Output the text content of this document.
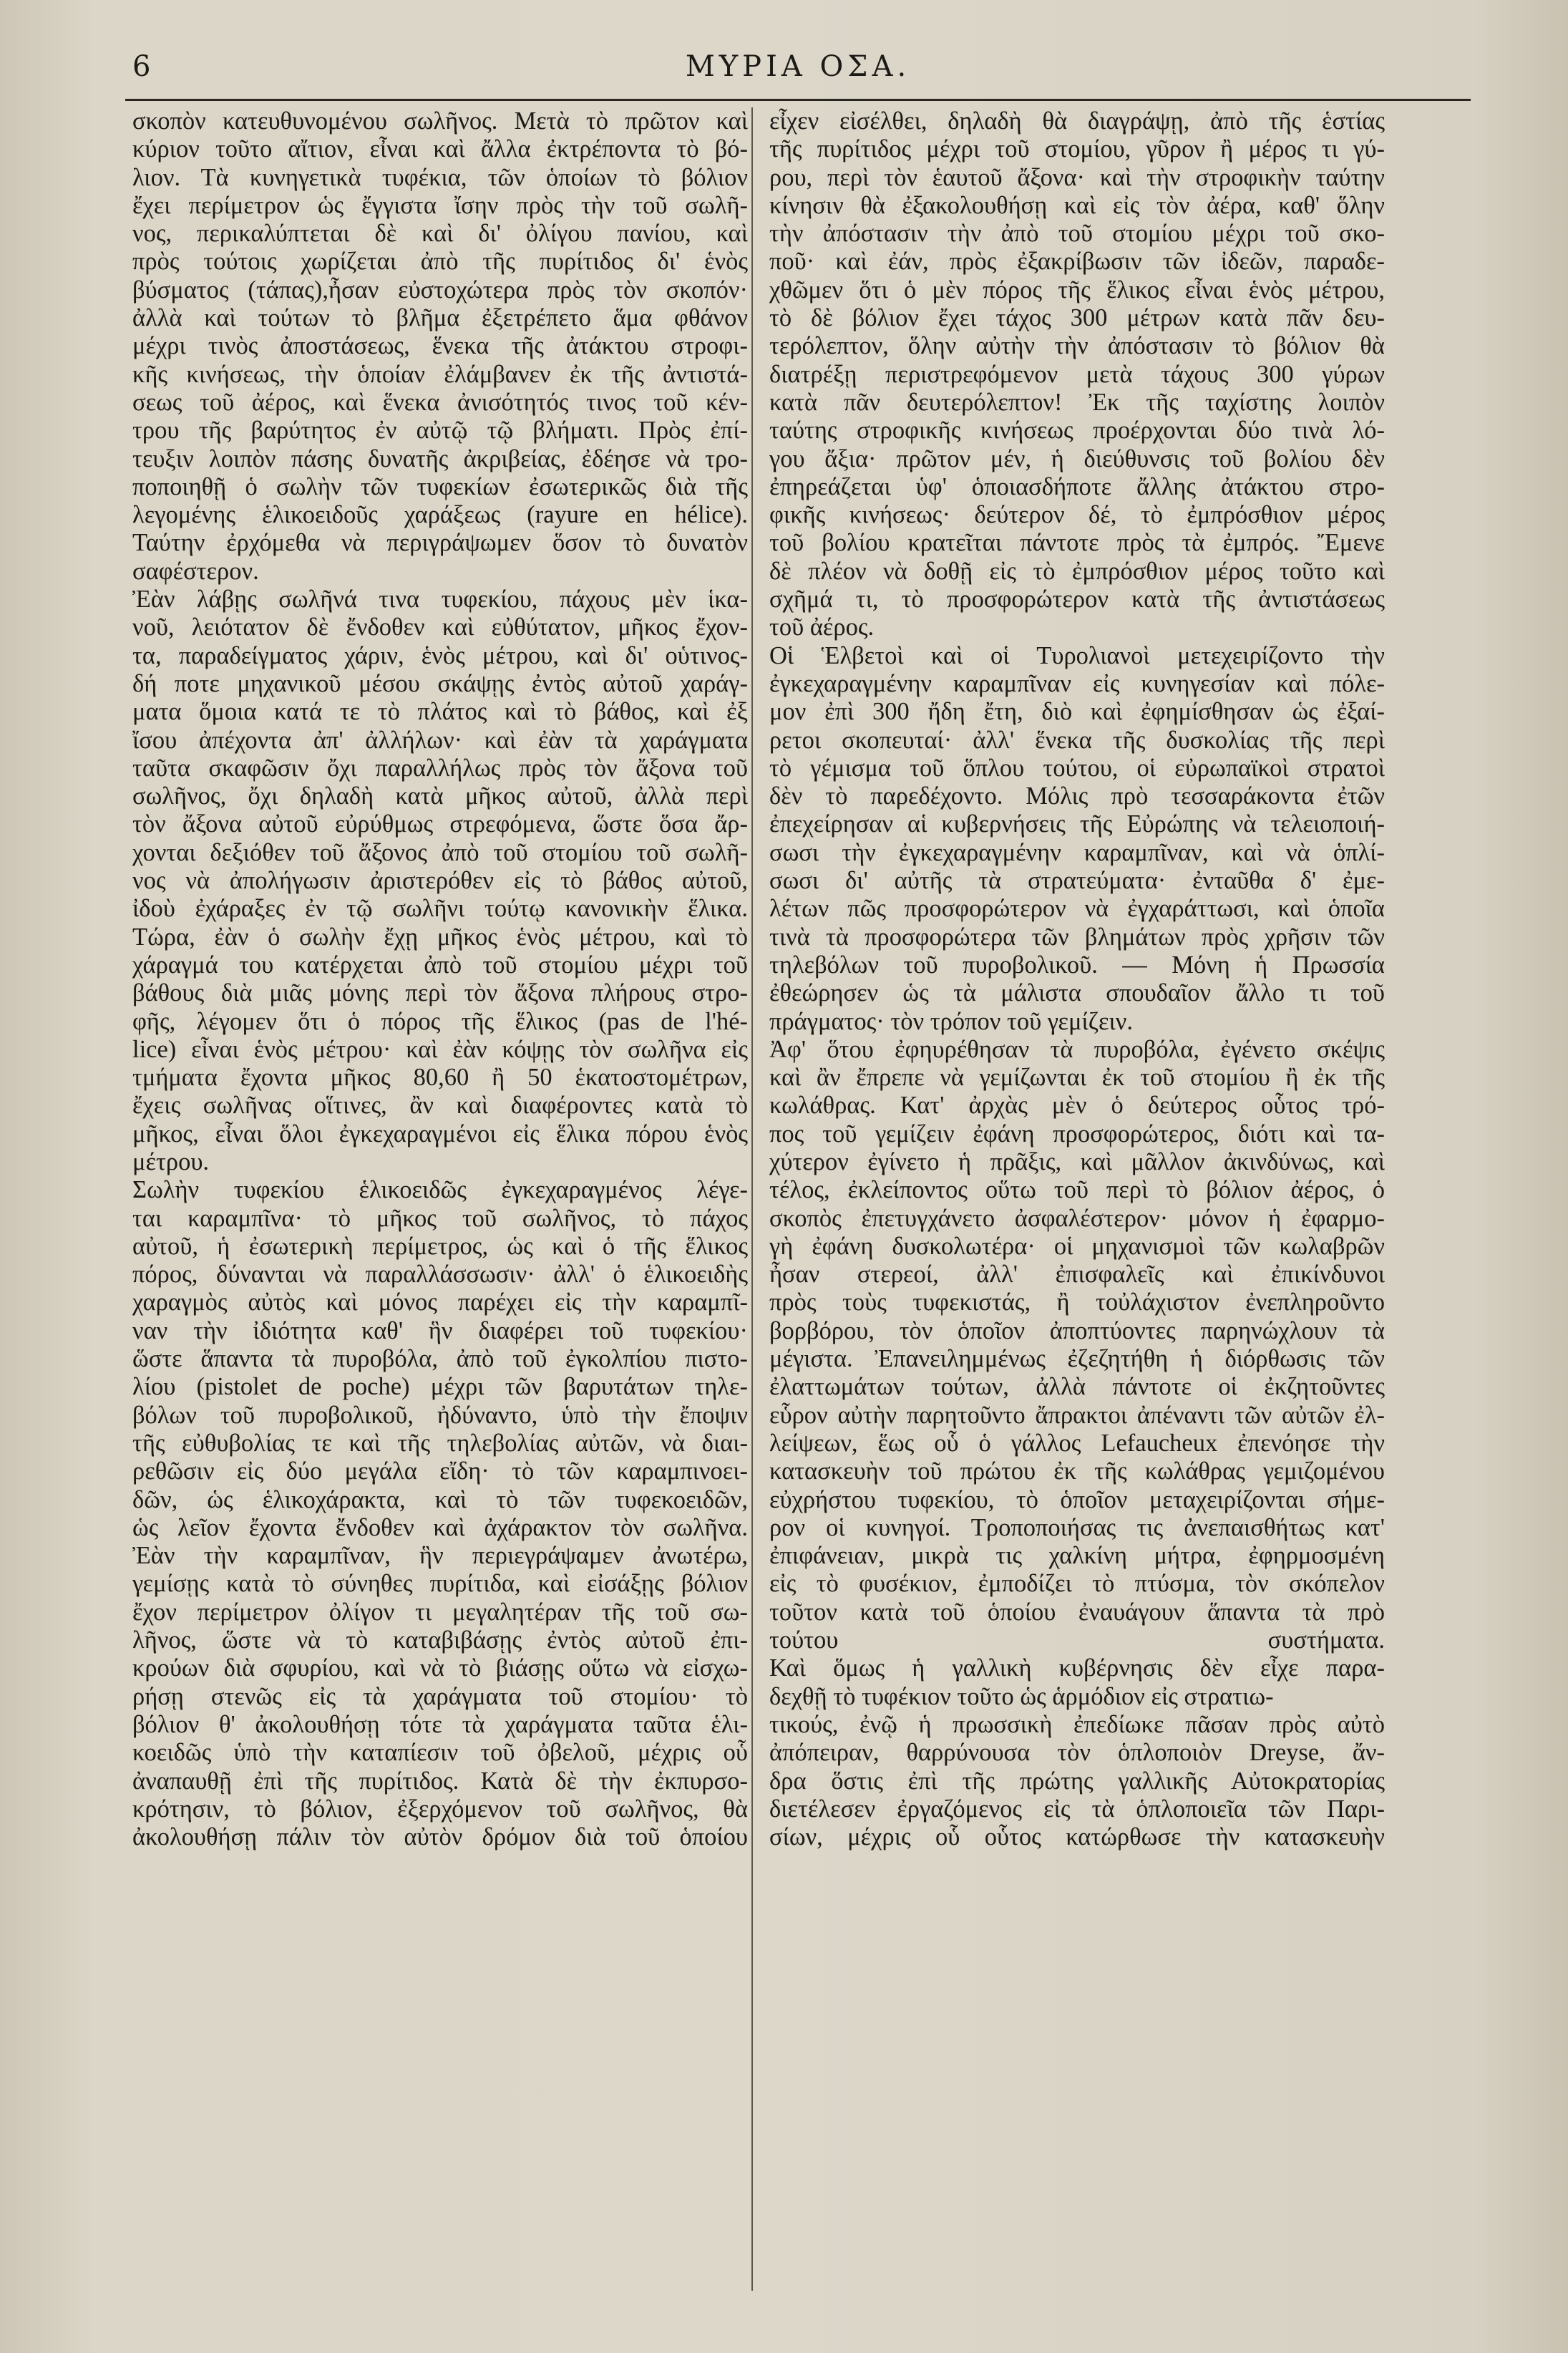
6	ΜΥΡΙΑ ΟΣΑ.
σκοπὸν κατευθυνομένου σωλῆνος. Μετὰ τὸ πρῶτον καὶ
κύριον τοῦτο αἴτιον, εἶναι καὶ ἄλλα ἐκτρέποντα τὸ βό-
λιον. Τὰ κυνηγετικὰ τυφέκια, τῶν ὁποίων τὸ βόλιον
ἔχει περίμετρον ὡς ἔγγιστα ἴσην πρὸς τὴν τοῦ σωλῆ-
νος, περικαλύπτεται δὲ καὶ δι' ὀλίγου πανίου, καὶ
πρὸς τούτοις χωρίζεται ἀπὸ τῆς πυρίτιδος δι' ἑνὸς
βύσματος (τάπας),ἦσαν εὐστοχώτερα πρὸς τὸν σκοπόν·
ἀλλὰ καὶ τούτων τὸ βλῆμα ἐξετρέπετο ἅμα φθάνον
μέχρι τινὸς ἀποστάσεως, ἕνεκα τῆς ἀτάκτου στροφι-
κῆς κινήσεως, τὴν ὁποίαν ἐλάμβανεν ἐκ τῆς ἀντιστά-
σεως τοῦ ἀέρος, καὶ ἕνεκα ἀνισότητός τινος τοῦ κέν-
τρου τῆς βαρύτητος ἐν αὐτῷ τῷ βλήματι. Πρὸς ἐπί-
τευξιν λοιπὸν πάσης δυνατῆς ἀκριβείας, ἐδέησε νὰ τρο-
ποποιηθῇ ὁ σωλὴν τῶν τυφεκίων ἐσωτερικῶς διὰ τῆς
λεγομένης ἑλικοειδοῦς χαράξεως (rayure en hélice).
Ταύτην ἐρχόμεθα νὰ περιγράψωμεν ὅσον τὸ δυνατὸν
σαφέστερον.
Ἐὰν λάβῃς σωλῆνά τινα τυφεκίου, πάχους μὲν ἱκα-
νοῦ, λειότατον δὲ ἔνδοθεν καὶ εὐθύτατον, μῆκος ἔχον-
τα, παραδείγματος χάριν, ἑνὸς μέτρου, καὶ δι' οὑτινος-
δή ποτε μηχανικοῦ μέσου σκάψῃς ἐντὸς αὐτοῦ χαράγ-
ματα ὅμοια κατά τε τὸ πλάτος καὶ τὸ βάθος, καὶ ἐξ
ἴσου ἀπέχοντα ἀπ' ἀλλήλων· καὶ ἐὰν τὰ χαράγματα
ταῦτα σκαφῶσιν ὄχι παραλλήλως πρὸς τὸν ἄξονα τοῦ
σωλῆνος, ὄχι δηλαδὴ κατὰ μῆκος αὐτοῦ, ἀλλὰ περὶ
τὸν ἄξονα αὐτοῦ εὐρύθμως στρεφόμενα, ὥστε ὅσα ἄρ-
χονται δεξιόθεν τοῦ ἄξονος ἀπὸ τοῦ στομίου τοῦ σωλῆ-
νος νὰ ἀπολήγωσιν ἀριστερόθεν εἰς τὸ βάθος αὐτοῦ,
ἰδοὺ ἐχάραξες ἐν τῷ σωλῆνι τούτῳ κανονικὴν ἕλικα.
Τώρα, ἐὰν ὁ σωλὴν ἔχῃ μῆκος ἑνὸς μέτρου, καὶ τὸ
χάραγμά του κατέρχεται ἀπὸ τοῦ στομίου μέχρι τοῦ
βάθους διὰ μιᾶς μόνης περὶ τὸν ἄξονα πλήρους στρο-
φῆς, λέγομεν ὅτι ὁ πόρος τῆς ἕλικος (pas de l'hé-
lice) εἶναι ἑνὸς μέτρου· καὶ ἐὰν κόψῃς τὸν σωλῆνα εἰς
τμήματα ἔχοντα μῆκος 80,60 ἢ 50 ἑκατοστομέτρων,
ἔχεις σωλῆνας οἵτινες, ἂν καὶ διαφέροντες κατὰ τὸ
μῆκος, εἶναι ὅλοι ἐγκεχαραγμένοι εἰς ἕλικα πόρου ἑνὸς
μέτρου.
Σωλὴν τυφεκίου ἑλικοειδῶς ἐγκεχαραγμένος λέγε-
ται καραμπῖνα· τὸ μῆκος τοῦ σωλῆνος, τὸ πάχος
αὐτοῦ, ἡ ἐσωτερικὴ περίμετρος, ὡς καὶ ὁ τῆς ἕλικος
πόρος, δύνανται νὰ παραλλάσσωσιν· ἀλλ' ὁ ἑλικοειδὴς
χαραγμὸς αὐτὸς καὶ μόνος παρέχει εἰς τὴν καραμπῖ-
ναν τὴν ἰδιότητα καθ' ἣν διαφέρει τοῦ τυφεκίου·
ὥστε ἅπαντα τὰ πυροβόλα, ἀπὸ τοῦ ἐγκολπίου πιστο-
λίου (pistolet de poche) μέχρι τῶν βαρυτάτων τηλε-
βόλων τοῦ πυροβολικοῦ, ἠδύναντο, ὑπὸ τὴν ἔποψιν
τῆς εὐθυβολίας τε καὶ τῆς τηλεβολίας αὐτῶν, νὰ διαι-
ρεθῶσιν εἰς δύο μεγάλα εἴδη· τὸ τῶν καραμπινοει-
δῶν, ὡς ἑλικοχάρακτα, καὶ τὸ τῶν τυφεκοειδῶν,
ὡς λεῖον ἔχοντα ἔνδοθεν καὶ ἀχάρακτον τὸν σωλῆνα.
Ἐὰν τὴν καραμπῖναν, ἣν περιεγράψαμεν ἀνωτέρω,
γεμίσῃς κατὰ τὸ σύνηθες πυρίτιδα, καὶ εἰσάξῃς βόλιον
ἔχον περίμετρον ὀλίγον τι μεγαλητέραν τῆς τοῦ σω-
λῆνος, ὥστε νὰ τὸ καταβιβάσῃς ἐντὸς αὐτοῦ ἐπι-
κρούων διὰ σφυρίου, καὶ νὰ τὸ βιάσῃς οὕτω νὰ εἰσχω-
ρήσῃ στενῶς εἰς τὰ χαράγματα τοῦ στομίου· τὸ
βόλιον θ' ἀκολουθήσῃ τότε τὰ χαράγματα ταῦτα ἑλι-
κοειδῶς ὑπὸ τὴν καταπίεσιν τοῦ ὀβελοῦ, μέχρις οὗ
ἀναπαυθῇ ἐπὶ τῆς πυρίτιδος. Κατὰ δὲ τὴν ἐκπυρσο-
κρότησιν, τὸ βόλιον, ἐξερχόμενον τοῦ σωλῆνος, θὰ
ἀκολουθήσῃ πάλιν τὸν αὐτὸν δρόμον διὰ τοῦ ὁποίου
εἶχεν εἰσέλθει, δηλαδὴ θὰ διαγράψῃ, ἀπὸ τῆς ἑστίας
τῆς πυρίτιδος μέχρι τοῦ στομίου, γῦρον ἢ μέρος τι γύ-
ρου, περὶ τὸν ἑαυτοῦ ἄξονα· καὶ τὴν στροφικὴν ταύτην
κίνησιν θὰ ἐξακολουθήσῃ καὶ εἰς τὸν ἀέρα, καθ' ὅλην
τὴν ἀπόστασιν τὴν ἀπὸ τοῦ στομίου μέχρι τοῦ σκο-
ποῦ· καὶ ἐάν, πρὸς ἐξακρίβωσιν τῶν ἰδεῶν, παραδε-
χθῶμεν ὅτι ὁ μὲν πόρος τῆς ἕλικος εἶναι ἑνὸς μέτρου,
τὸ δὲ βόλιον ἔχει τάχος 300 μέτρων κατὰ πᾶν δευ-
τερόλεπτον, ὅλην αὐτὴν τὴν ἀπόστασιν τὸ βόλιον θὰ
διατρέξῃ περιστρεφόμενον μετὰ τάχους 300 γύρων
κατὰ πᾶν δευτερόλεπτον! Ἐκ τῆς ταχίστης λοιπὸν
ταύτης στροφικῆς κινήσεως προέρχονται δύο τινὰ λό-
γου ἄξια· πρῶτον μέν, ἡ διεύθυνσις τοῦ βολίου δὲν
ἐπηρεάζεται ὑφ' ὁποιασδήποτε ἄλλης ἀτάκτου στρο-
φικῆς κινήσεως· δεύτερον δέ, τὸ ἐμπρόσθιον μέρος
τοῦ βολίου κρατεῖται πάντοτε πρὸς τὰ ἐμπρός. Ἔμενε
δὲ πλέον νὰ δοθῇ εἰς τὸ ἐμπρόσθιον μέρος τοῦτο καὶ
σχῆμά τι, τὸ προσφορώτερον κατὰ τῆς ἀντιστάσεως
τοῦ ἀέρος.
Οἱ Ἑλβετοὶ καὶ οἱ Τυρολιανοὶ μετεχειρίζοντο τὴν
ἐγκεχαραγμένην καραμπῖναν εἰς κυνηγεσίαν καὶ πόλε-
μον ἐπὶ 300 ἤδη ἔτη, διὸ καὶ ἐφημίσθησαν ὡς ἐξαί-
ρετοι σκοπευταί· ἀλλ' ἕνεκα τῆς δυσκολίας τῆς περὶ
τὸ γέμισμα τοῦ ὅπλου τούτου, οἱ εὐρωπαϊκοὶ στρατοὶ
δὲν τὸ παρεδέχοντο. Μόλις πρὸ τεσσαράκοντα ἐτῶν
ἐπεχείρησαν αἱ κυβερνήσεις τῆς Εὐρώπης νὰ τελειοποιή-
σωσι τὴν ἐγκεχαραγμένην καραμπῖναν, καὶ νὰ ὁπλί-
σωσι δι' αὐτῆς τὰ στρατεύματα· ἐνταῦθα δ' ἐμε-
λέτων πῶς προσφορώτερον νὰ ἐγχαράττωσι, καὶ ὁποῖα
τινὰ τὰ προσφορώτερα τῶν βλημάτων πρὸς χρῆσιν τῶν
τηλεβόλων τοῦ πυροβολικοῦ. — Μόνη ἡ Πρωσσία
ἐθεώρησεν ὡς τὰ μάλιστα σπουδαῖον ἄλλο τι τοῦ
πράγματος· τὸν τρόπον τοῦ γεμίζειν.
Ἀφ' ὅτου ἐφηυρέθησαν τὰ πυροβόλα, ἐγένετο σκέψις
καὶ ἂν ἔπρεπε νὰ γεμίζωνται ἐκ τοῦ στομίου ἢ ἐκ τῆς
κωλάθρας. Κατ' ἀρχὰς μὲν ὁ δεύτερος οὗτος τρό-
πος τοῦ γεμίζειν ἐφάνη προσφορώτερος, διότι καὶ τα-
χύτερον ἐγίνετο ἡ πρᾶξις, καὶ μᾶλλον ἀκινδύνως, καὶ
τέλος, ἐκλείποντος οὕτω τοῦ περὶ τὸ βόλιον ἀέρος, ὁ
σκοπὸς ἐπετυγχάνετο ἀσφαλέστερον· μόνον ἡ ἐφαρμο-
γὴ ἐφάνη δυσκολωτέρα· οἱ μηχανισμοὶ τῶν κωλαβρῶν
ἦσαν στερεοί, ἀλλ' ἐπισφαλεῖς καὶ ἐπικίνδυνοι
πρὸς τοὺς τυφεκιστάς, ἢ τοὐλάχιστον ἐνεπληροῦντο
βορβόρου, τὸν ὁποῖον ἀποπτύοντες παρηνώχλουν τὰ
μέγιστα. Ἐπανειλημμένως ἐζεζητήθη ἡ διόρθωσις τῶν
ἐλαττωμάτων τούτων, ἀλλὰ πάντοτε οἱ ἐκζητοῦντες
εὗρον αὐτὴν παρητοῦντο ἄπρακτοι ἀπέναντι τῶν αὐτῶν ἐλ-
λείψεων, ἕως οὗ ὁ γάλλος Lefaucheux ἐπενόησε τὴν
κατασκευὴν τοῦ πρώτου ἐκ τῆς κωλάθρας γεμιζομένου
εὐχρήστου τυφεκίου, τὸ ὁποῖον μεταχειρίζονται σήμε-
ρον οἱ κυνηγοί. Τροποποιήσας τις ἀνεπαισθήτως κατ'
ἐπιφάνειαν, μικρὰ τις χαλκίνη μήτρα, ἐφηρμοσμένη
εἰς τὸ φυσέκιον, ἐμποδίζει τὸ πτύσμα, τὸν σκόπελον
τοῦτον κατὰ τοῦ ὁποίου ἐναυάγουν ἅπαντα τὰ πρὸ
τούτου συστήματα.
Καὶ ὅμως ἡ γαλλικὴ κυβέρνησις δὲν εἶχε παρα-
δεχθῇ τὸ τυφέκιον τοῦτο ὡς ἁρμόδιον εἰς στρατιω-
τικούς, ἐνῷ ἡ πρωσσικὴ ἐπεδίωκε πᾶσαν πρὸς αὐτὸ
ἀπόπειραν, θαρρύνουσα τὸν ὁπλοποιὸν Dreyse, ἄν-
δρα ὅστις ἐπὶ τῆς πρώτης γαλλικῆς Αὐτοκρατορίας
διετέλεσεν ἐργαζόμενος εἰς τὰ ὁπλοποιεῖα τῶν Παρι-
σίων, μέχρις οὗ οὗτος κατώρθωσε τὴν κατασκευὴν
